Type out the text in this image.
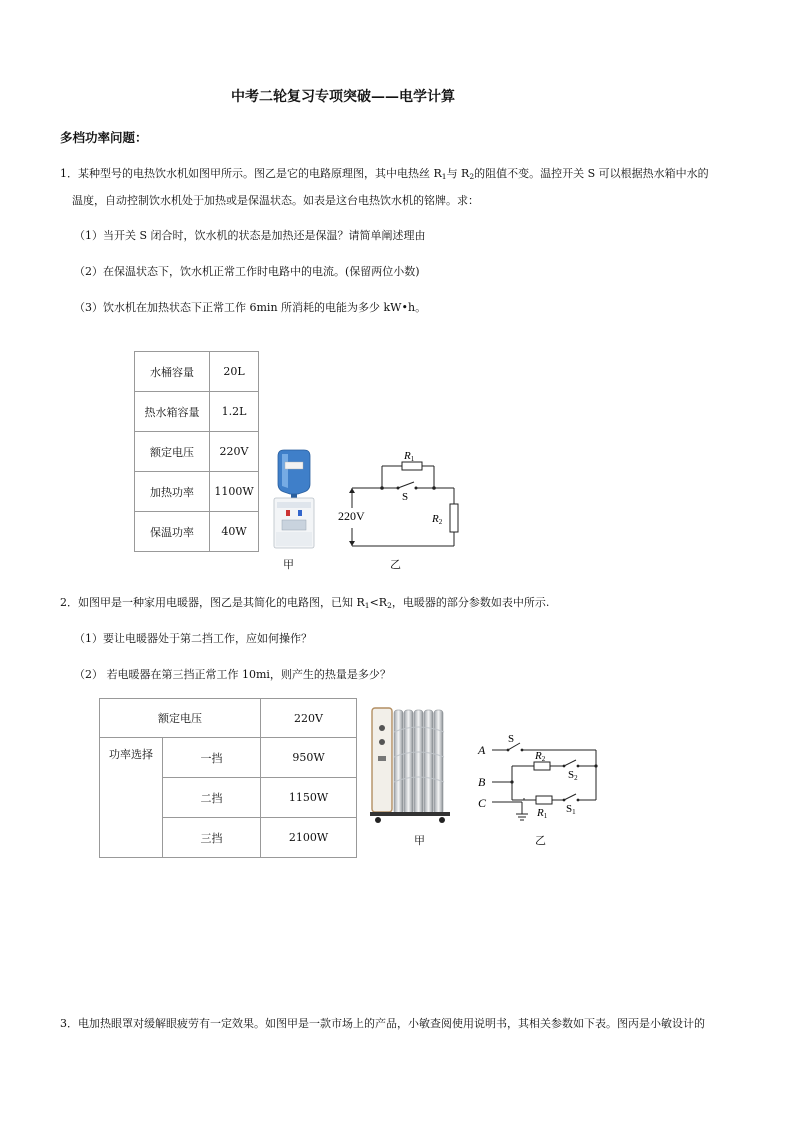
中考二轮复习专项突破——电学计算
多档功率问题：
1．某种型号的电热饮水机如图甲所示。图乙是它的电路原理图，其中电热丝 $R_1$与 $R_2$的阻值不变。温控开关 S 可以根据热水箱中水的
温度，自动控制饮水机处于加热或是保温状态。如表是这台电热饮水机的铭牌。求：
（1）当开关 S 闭合时，饮水机的状态是加热还是保温？请简单阐述理由
（2）在保温状态下，饮水机正常工作时电路中的电流。(保留两位小数)
（3）饮水机在加热状态下正常工作 6min 所消耗的电能为多少 kW•h。
水桶容量	20L
热水箱容量	1.2L
额定电压	220V
加热功率	1100W
保温功率	40W
甲
220V
R1
S
R2
乙
2．如图甲是一种家用电暖器，图乙是其简化的电路图，已知 $R_1<R_2$，电暖器的部分参数如表中所示.
（1）要让电暖器处于第二挡工作，应如何操作？
（2） 若电暖器在第三挡正常工作 10mi，则产生的热量是多少？
额定电压		220V
功率选择	一挡	950W
	二挡	1150W
	三挡	2100W	甲
A
B
C
S
R2
S2
R1
S1
乙
3．电加热眼罩对缓解眼疲劳有一定效果。如图甲是一款市场上的产品，小敏查阅使用说明书，其相关参数如下表。图丙是小敏设计的
